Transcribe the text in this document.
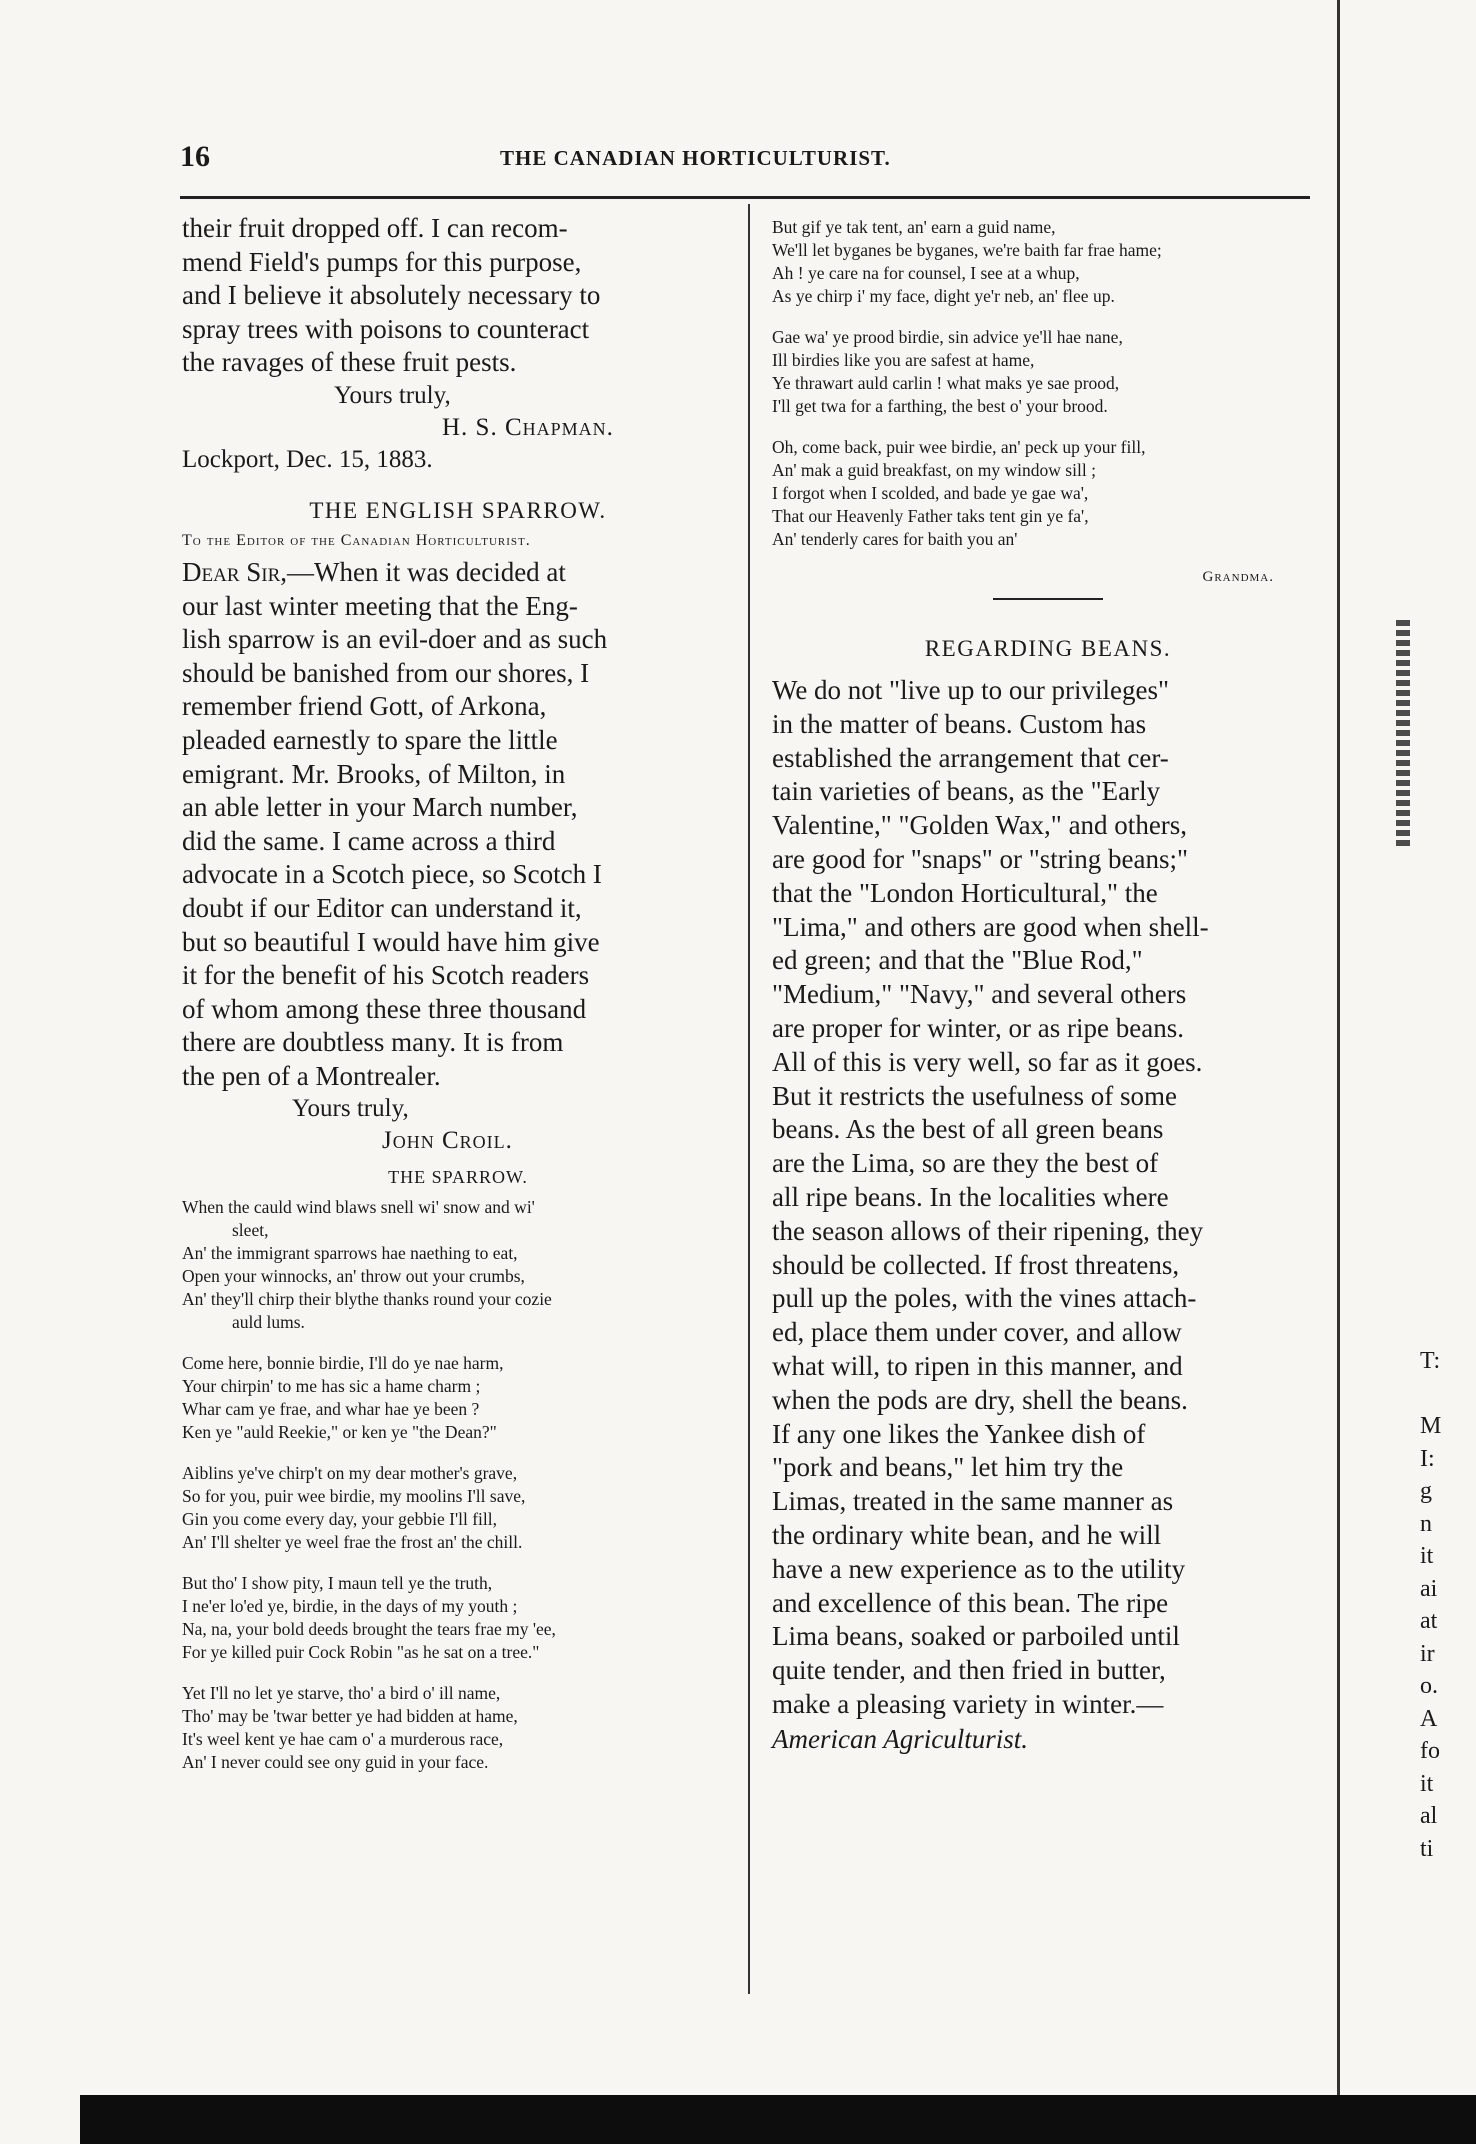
16	THE CANADIAN HORTICULTURIST.

their fruit dropped off. I can recom-

mend Field's pumps for this purpose,

and I believe it absolutely necessary to

spray trees with poisons to counteract

the ravages of these fruit pests.

Yours truly,

H. S. Chapman.

Lockport, Dec. 15, 1883.

THE ENGLISH SPARROW.
To the Editor of the Canadian Horticulturist.

Dear Sir,—When it was decided at

our last winter meeting that the Eng-

lish sparrow is an evil-doer and as such

should be banished from our shores, I

remember friend Gott, of Arkona,

pleaded earnestly to spare the little

emigrant. Mr. Brooks, of Milton, in

an able letter in your March number,

did the same. I came across a third

advocate in a Scotch piece, so Scotch I

doubt if our Editor can understand it,

but so beautiful I would have him give

it for the benefit of his Scotch readers

of whom among these three thousand

there are doubtless many. It is from

the pen of a Montrealer.

Yours truly,

John Croil.

THE SPARROW.

When the cauld wind blaws snell wi' snow and wi'

sleet,

An' the immigrant sparrows hae naething to eat,

Open your winnocks, an' throw out your crumbs,

An' they'll chirp their blythe thanks round your cozie

auld lums.

Come here, bonnie birdie, I'll do ye nae harm,

Your chirpin' to me has sic a hame charm ;

Whar cam ye frae, and whar hae ye been ?

Ken ye "auld Reekie," or ken ye "the Dean?"

Aiblins ye've chirp't on my dear mother's grave,

So for you, puir wee birdie, my moolins I'll save,

Gin you come every day, your gebbie I'll fill,

An' I'll shelter ye weel frae the frost an' the chill.

But tho' I show pity, I maun tell ye the truth,

I ne'er lo'ed ye, birdie, in the days of my youth ;

Na, na, your bold deeds brought the tears frae my 'ee,

For ye killed puir Cock Robin "as he sat on a tree."

Yet I'll no let ye starve, tho' a bird o' ill name,

Tho' may be 'twar better ye had bidden at hame,

It's weel kent ye hae cam o' a murderous race,

An' I never could see ony guid in your face.

But gif ye tak tent, an' earn a guid name,

We'll let byganes be byganes, we're baith far frae hame;

Ah ! ye care na for counsel, I see at a whup,

As ye chirp i' my face, dight ye'r neb, an' flee up.

Gae wa' ye prood birdie, sin advice ye'll hae nane,

Ill birdies like you are safest at hame,

Ye thrawart auld carlin ! what maks ye sae prood,

I'll get twa for a farthing, the best o' your brood.

Oh, come back, puir wee birdie, an' peck up your fill,

An' mak a guid breakfast, on my window sill ;

I forgot when I scolded, and bade ye gae wa',

That our Heavenly Father taks tent gin ye fa',

An' tenderly cares for baith you an'

Grandma.
REGARDING BEANS.

We do not "live up to our privileges"

in the matter of beans. Custom has

established the arrangement that cer-

tain varieties of beans, as the "Early

Valentine," "Golden Wax," and others,

are good for "snaps" or "string beans;"

that the "London Horticultural," the

"Lima," and others are good when shell-

ed green; and that the "Blue Rod,"

"Medium," "Navy," and several others

are proper for winter, or as ripe beans.

All of this is very well, so far as it goes.

But it restricts the usefulness of some

beans. As the best of all green beans

are the Lima, so are they the best of

all ripe beans. In the localities where

the season allows of their ripening, they

should be collected. If frost threatens,

pull up the poles, with the vines attach-

ed, place them under cover, and allow

what will, to ripen in this manner, and

when the pods are dry, shell the beans.

If any one likes the Yankee dish of

"pork and beans," let him try the

Limas, treated in the same manner as

the ordinary white bean, and he will

have a new experience as to the utility

and excellence of this bean. The ripe

Lima beans, soaked or parboiled until

quite tender, and then fried in butter,

make a pleasing variety in winter.—

American Agriculturist.

T:

M
I:
g
n
it
ai
at
ir
o.
A
fo
it
al
ti
